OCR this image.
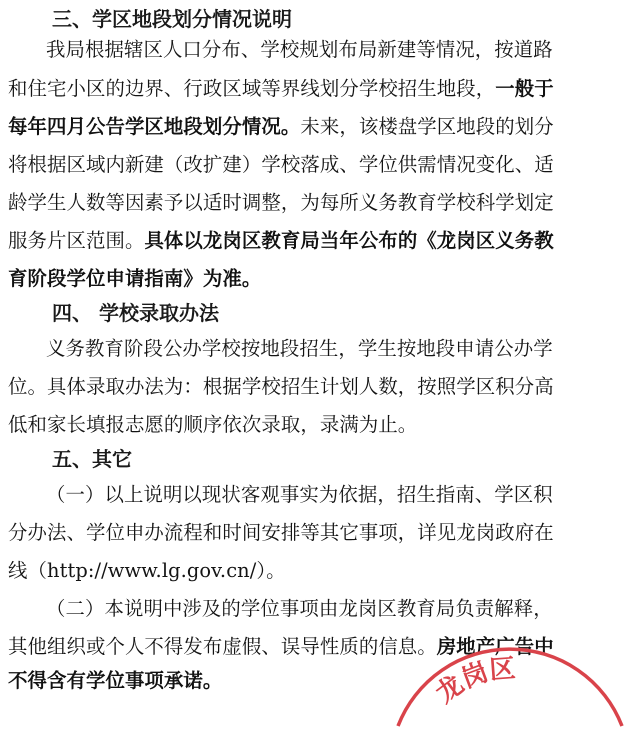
三、学区地段划分情况说明
我局根据辖区人口分布、学校规划布局新建等情况，按道路
和住宅小区的边界、行政区域等界线划分学校招生地段，一般于
每年四月公告学区地段划分情况。未来，该楼盘学区地段的划分
将根据区域内新建（改扩建）学校落成、学位供需情况变化、适
龄学生人数等因素予以适时调整，为每所义务教育学校科学划定
服务片区范围。具体以龙岗区教育局当年公布的《龙岗区义务教
育阶段学位申请指南》为准。
四、 学校录取办法
义务教育阶段公办学校按地段招生，学生按地段申请公办学
位。具体录取办法为：根据学校招生计划人数，按照学区积分高
低和家长填报志愿的顺序依次录取，录满为止。
五、其它
（一）以上说明以现状客观事实为依据，招生指南、学区积
分办法、学位申办流程和时间安排等其它事项，详见龙岗政府在
线（http://www.lg.gov.cn/）。
（二）本说明中涉及的学位事项由龙岗区教育局负责解释，
其他组织或个人不得发布虚假、误导性质的信息。房地产广告中
不得含有学位事项承诺。	龙岗区
